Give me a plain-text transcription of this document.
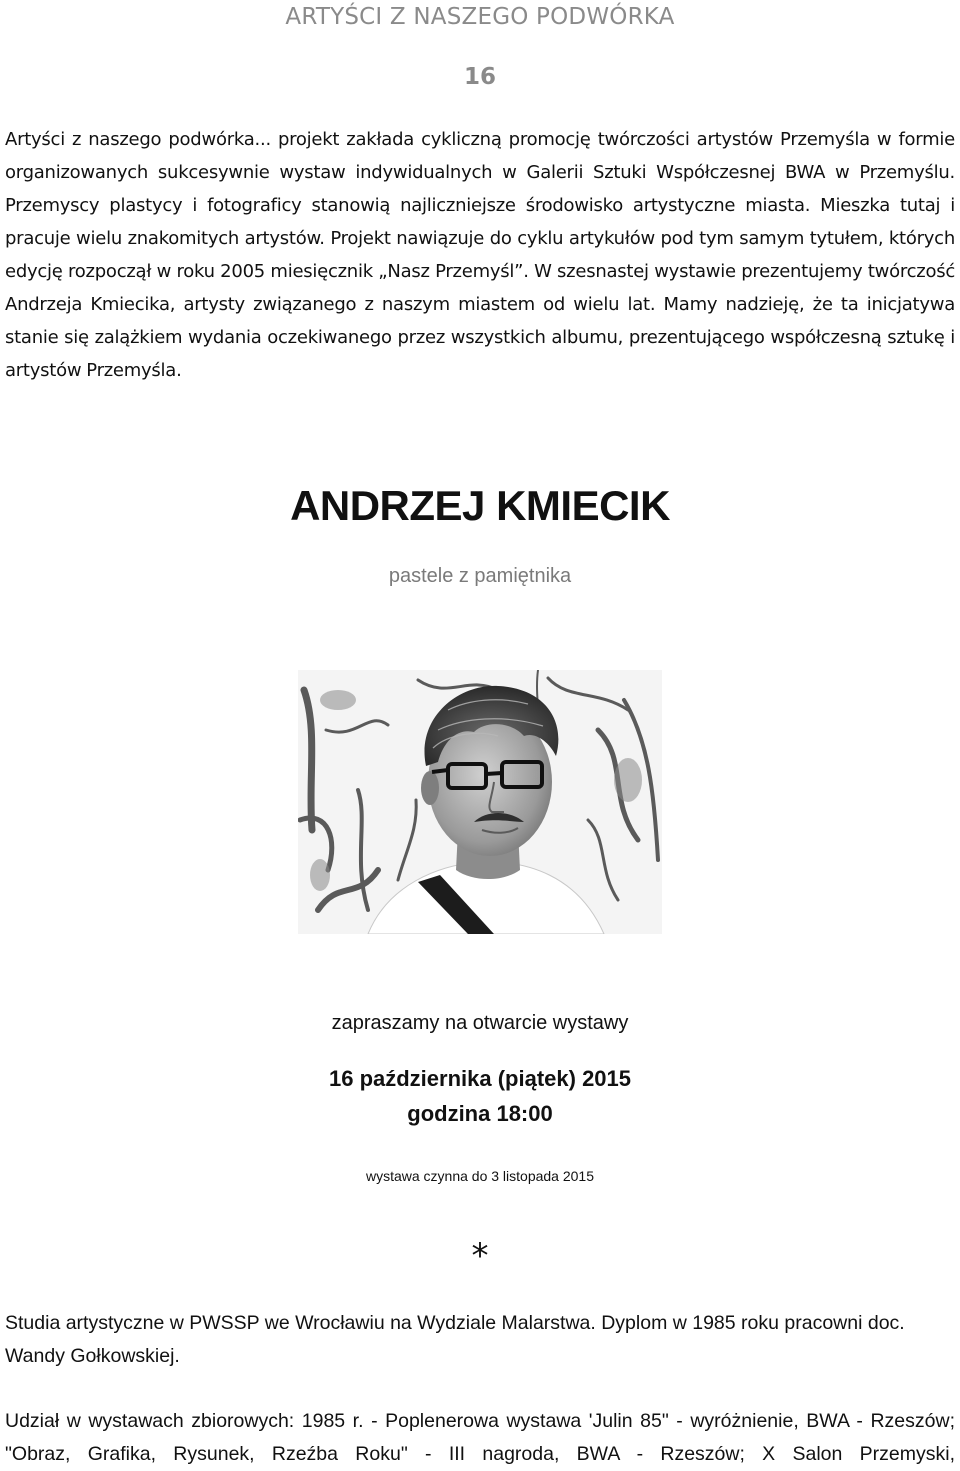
ARTYŚCI Z NASZEGO PODWÓRKA
16

Artyści z naszego podwórka... projekt zakłada cykliczną promocję twórczości artystów Przemyśla w formie organizowanych sukcesywnie wystaw indywidualnych w Galerii Sztuki Współczesnej BWA w Przemyślu. Przemyscy plastycy i fotograficy stanowią najliczniejsze środowisko artystyczne miasta. Mieszka tutaj i pracuje wielu znakomitych artystów. Projekt nawiązuje do cyklu artykułów pod tym samym tytułem, których edycję rozpoczął w roku 2005 miesięcznik „Nasz Przemyśl”. W szesnastej wystawie prezentujemy twórczość Andrzeja Kmiecika, artysty związanego z naszym miastem od wielu lat. Mamy nadzieję, że ta inicjatywa stanie się zalążkiem wydania oczekiwanego przez wszystkich albumu, prezentującego współczesną sztukę i artystów Przemyśla.

ANDRZEJ KMIECIK
pastele z pamiętnika
zapraszamy na otwarcie wystawy
16 października (piątek) 2015
godzina 18:00
wystawa czynna do 3 listopada 2015
*

Studia artystyczne w PWSSP we Wrocławiu na Wydziale Malarstwa. Dyplom w 1985 roku pracowni doc. Wandy Gołkowskiej.

Udział w wystawach zbiorowych: 1985 r. - Poplenerowa wystawa 'Julin 85" - wyróżnienie, BWA - Rzeszów; "Obraz, Grafika, Rysunek, Rzeźba Roku" - III nagroda, BWA - Rzeszów; X Salon Przemyski,
